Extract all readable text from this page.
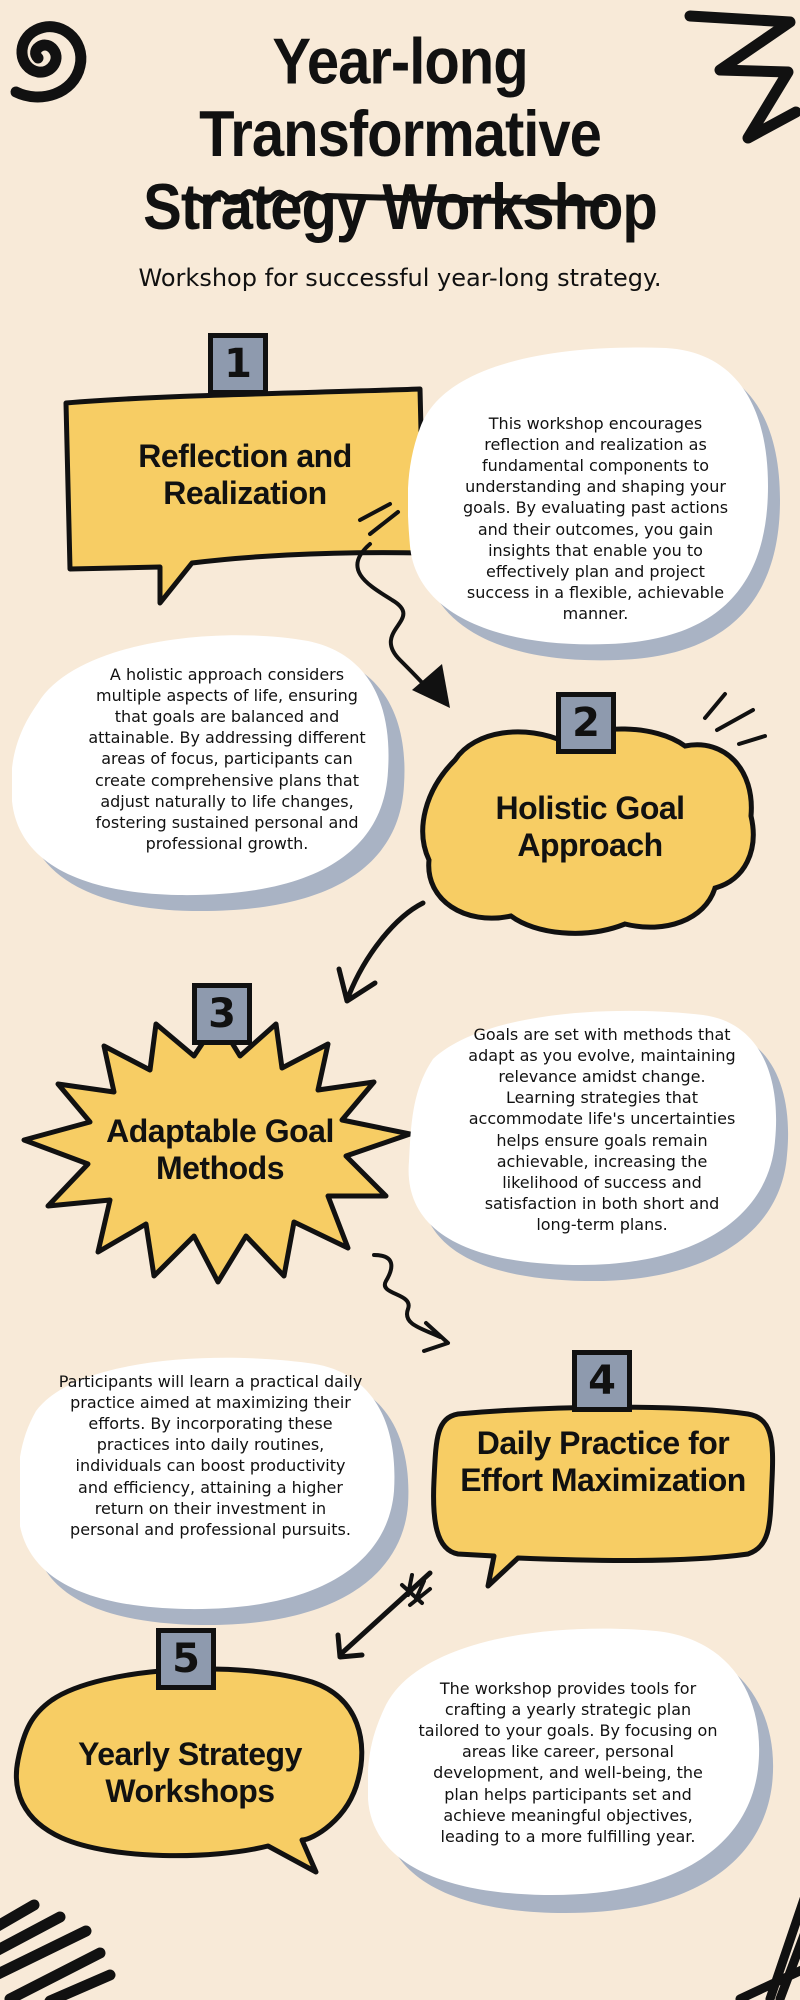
Year-long Transformative Strategy Workshop
Workshop for successful year-long strategy.
1
Reflection and Realization
This workshop encourages reflection and realization as fundamental components to understanding and shaping your goals. By evaluating past actions and their outcomes, you gain insights that enable you to effectively plan and project success in a flexible, achievable manner.
A holistic approach considers multiple aspects of life, ensuring that goals are balanced and attainable. By addressing different areas of focus, participants can create comprehensive plans that adjust naturally to life changes, fostering sustained personal and professional growth.
2
Holistic Goal Approach
3
Adaptable Goal Methods
Goals are set with methods that adapt as you evolve, maintaining relevance amidst change. Learning strategies that accommodate life's uncertainties helps ensure goals remain achievable, increasing the likelihood of success and satisfaction in both short and long-term plans.
Participants will learn a practical daily practice aimed at maximizing their efforts. By incorporating these practices into daily routines, individuals can boost productivity and efficiency, attaining a higher return on their investment in personal and professional pursuits.
4
Daily Practice for Effort Maximization
5
Yearly Strategy Workshops
The workshop provides tools for crafting a yearly strategic plan tailored to your goals. By focusing on areas like career, personal development, and well-being, the plan helps participants set and achieve meaningful objectives, leading to a more fulfilling year.
